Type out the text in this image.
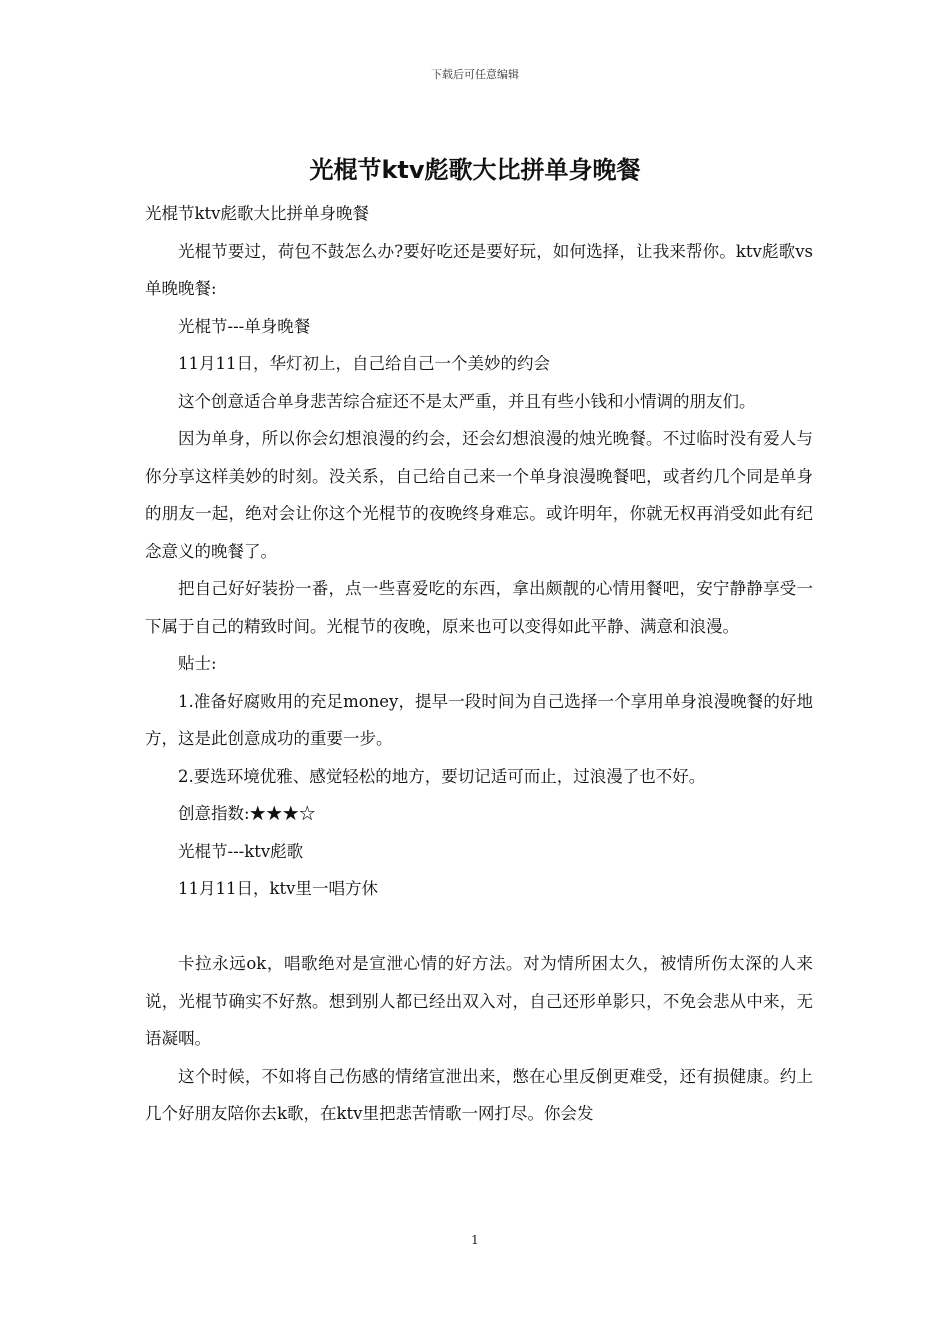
下载后可任意编辑
光棍节ktv彪歌大比拼单身晚餐

光棍节ktv彪歌大比拼单身晚餐

光棍节要过，荷包不鼓怎么办?要好吃还是要好玩，如何选择，让我来帮你。ktv彪歌vs单晚晚餐:

光棍节---单身晚餐

11月11日，华灯初上，自己给自己一个美妙的约会

这个创意适合单身悲苦综合症还不是太严重，并且有些小钱和小情调的朋友们。

因为单身，所以你会幻想浪漫的约会，还会幻想浪漫的烛光晚餐。不过临时没有爱人与你分享这样美妙的时刻。没关系，自己给自己来一个单身浪漫晚餐吧，或者约几个同是单身的朋友一起，绝对会让你这个光棍节的夜晚终身难忘。或许明年，你就无权再消受如此有纪念意义的晚餐了。

把自己好好装扮一番，点一些喜爱吃的东西，拿出颇靓的心情用餐吧，安宁静静享受一下属于自己的精致时间。光棍节的夜晚，原来也可以变得如此平静、满意和浪漫。

贴士:

1.准备好腐败用的充足money，提早一段时间为自己选择一个享用单身浪漫晚餐的好地方，这是此创意成功的重要一步。

2.要选环境优雅、感觉轻松的地方，要切记适可而止，过浪漫了也不好。

创意指数:★★★☆

光棍节---ktv彪歌

11月11日，ktv里一唱方休

卡拉永远ok，唱歌绝对是宣泄心情的好方法。对为情所困太久，被情所伤太深的人来说，光棍节确实不好熬。想到别人都已经出双入对，自己还形单影只，不免会悲从中来，无语凝咽。

这个时候，不如将自己伤感的情绪宣泄出来，憋在心里反倒更难受，还有损健康。约上几个好朋友陪你去k歌，在ktv里把悲苦情歌一网打尽。你会发

1
